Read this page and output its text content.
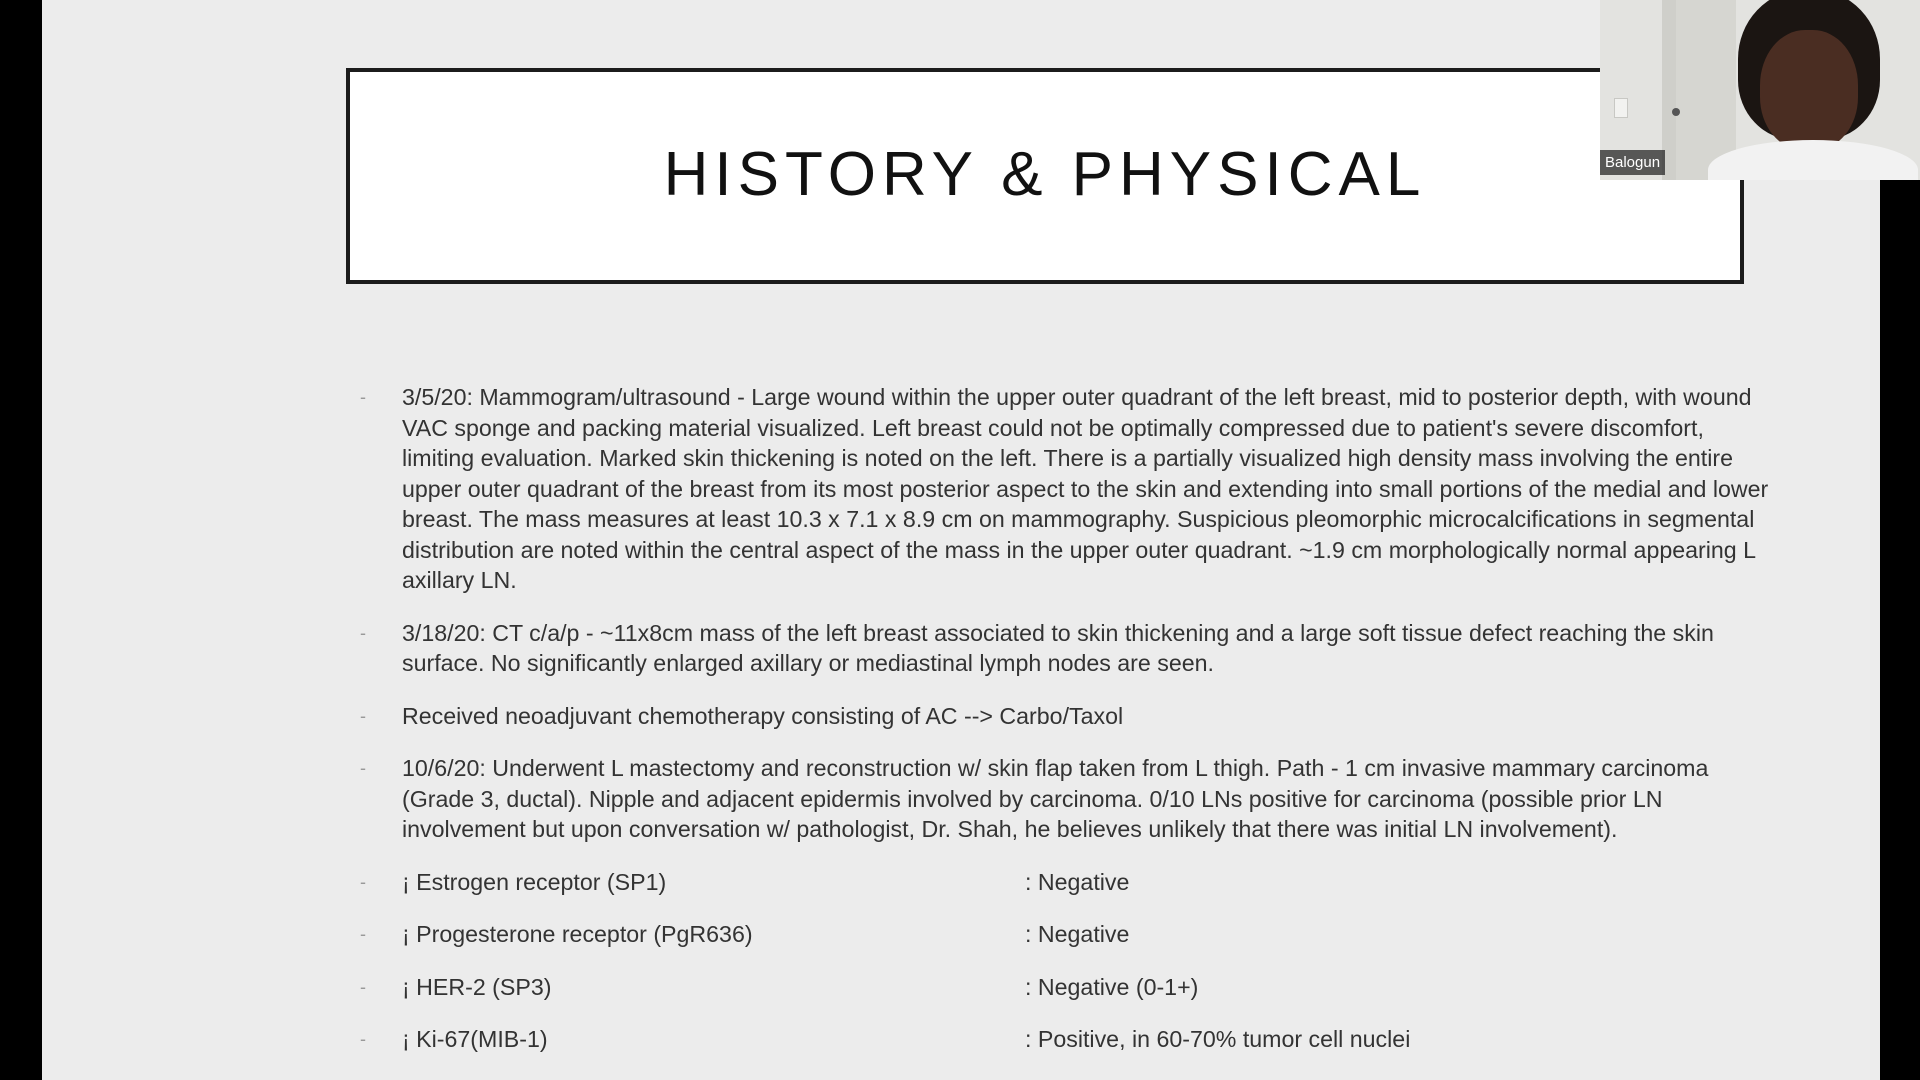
HISTORY & PHYSICAL
- 3/5/20: Mammogram/ultrasound - Large wound within the upper outer quadrant of the left breast, mid to posterior depth, with wound VAC sponge and packing material visualized. Left breast could not be optimally compressed due to patient's severe discomfort, limiting evaluation. Marked skin thickening is noted on the left. There is a partially visualized high density mass involving the entire upper outer quadrant of the breast from its most posterior aspect to the skin and extending into small portions of the medial and lower breast. The mass measures at least 10.3 x 7.1 x 8.9 cm on mammography. Suspicious pleomorphic microcalcifications in segmental distribution are noted within the central aspect of the mass in the upper outer quadrant. ~1.9 cm morphologically normal appearing L axillary LN.
- 3/18/20: CT c/a/p - ~11x8cm mass of the left breast associated to skin thickening and a large soft tissue defect reaching the skin surface. No significantly enlarged axillary or mediastinal lymph nodes are seen.
- Received neoadjuvant chemotherapy consisting of AC --> Carbo/Taxol
- 10/6/20: Underwent L mastectomy and reconstruction w/ skin flap taken from L thigh. Path - 1 cm invasive mammary carcinoma (Grade 3, ductal). Nipple and adjacent epidermis involved by carcinoma. 0/10 LNs positive for carcinoma (possible prior LN involvement but upon conversation w/ pathologist, Dr. Shah, he believes unlikely that there was initial LN involvement).
- ¡ Estrogen receptor (SP1)	: Negative
- ¡ Progesterone receptor (PgR636)	: Negative
- ¡ HER-2 (SP3)	: Negative (0-1+)
- ¡ Ki-67(MIB-1)	: Positive, in 60-70% tumor cell nuclei
Balogun
